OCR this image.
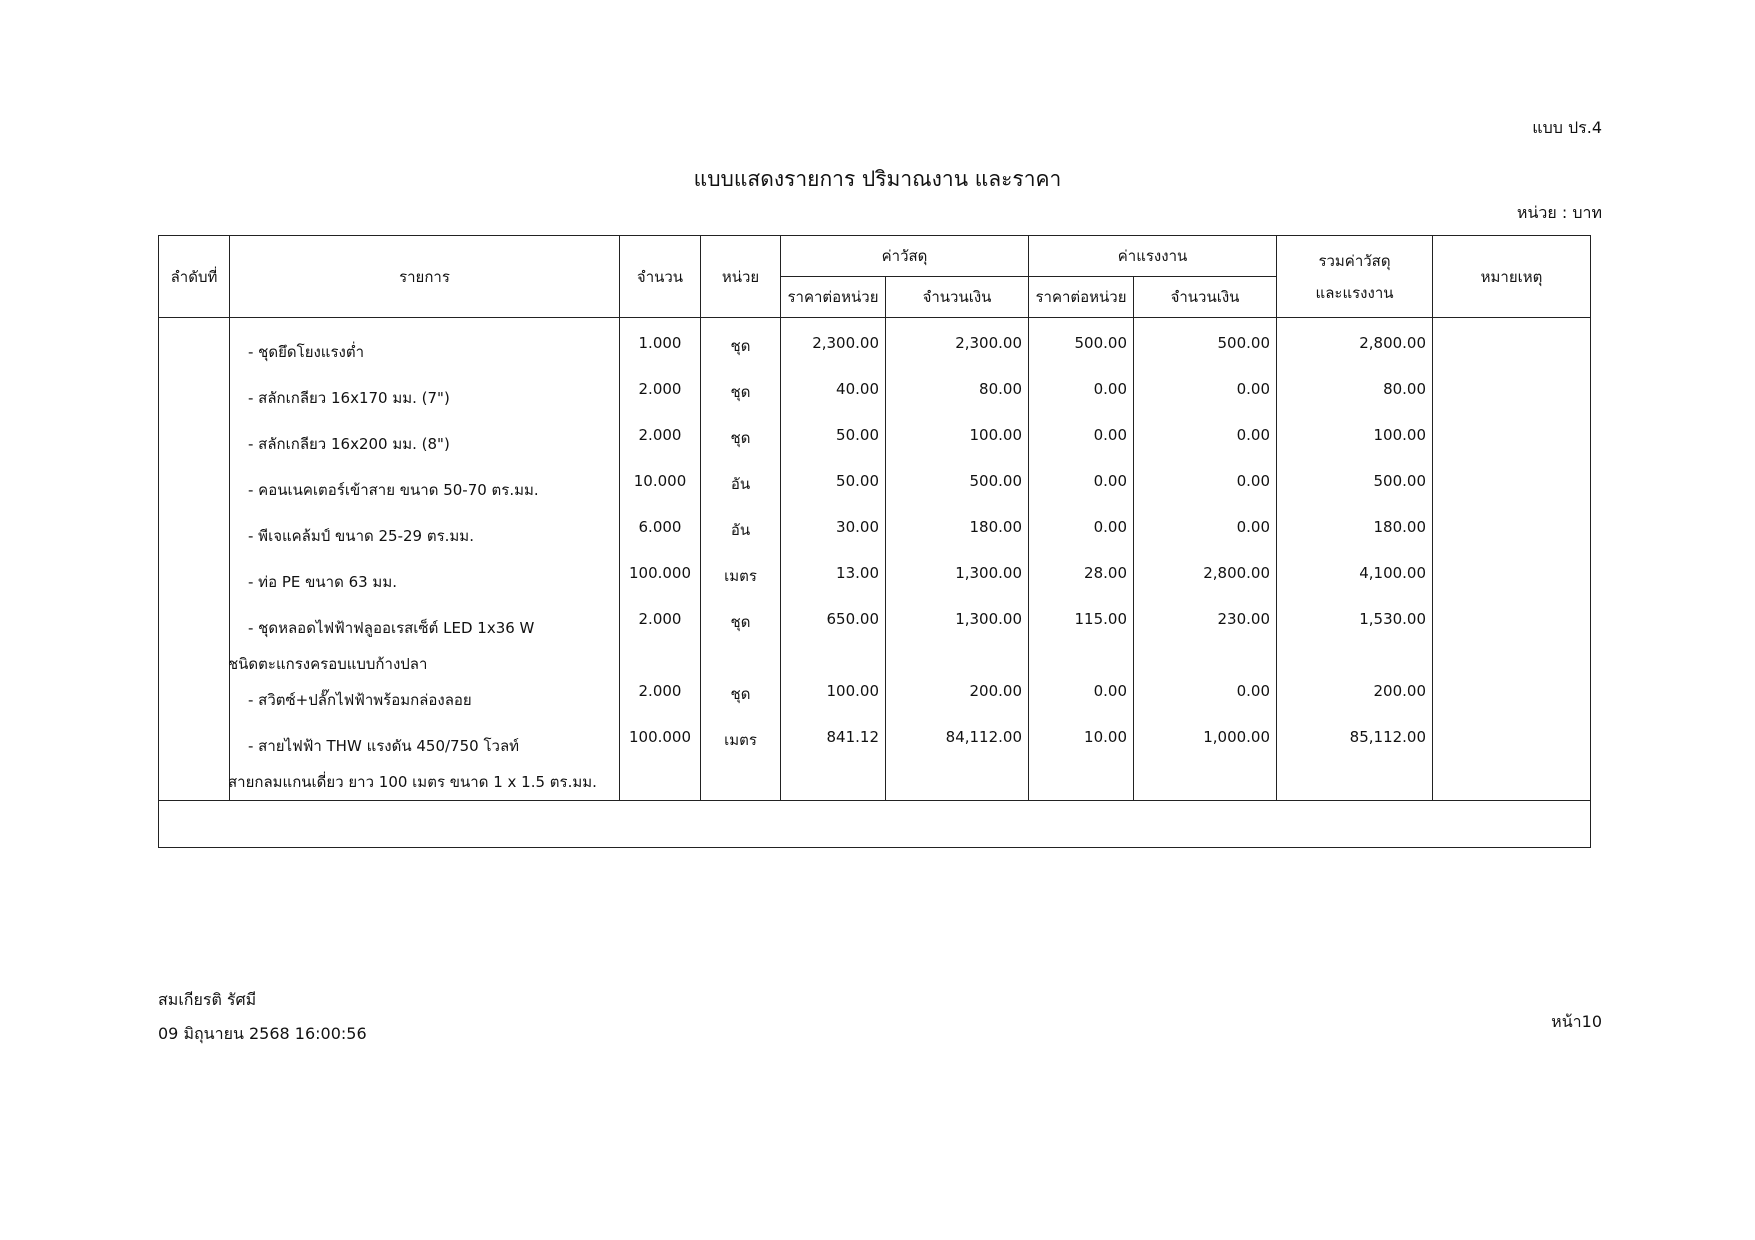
แบบ ปร.4
แบบแสดงรายการ ปริมาณงาน และราคา
หน่วย : บาท
ลำดับที่	รายการ	จำนวน	หน่วย	ค่าวัสดุ		ค่าแรงงาน		รวมค่าวัสดุ
และแรงงาน	หมายเหตุ
				ราคาต่อหน่วย	จำนวนเงิน	ราคาต่อหน่วย	จำนวนเงิน		
	- ชุดยึดโยงแรงต่ำ	1.000	ชุด	2,300.00	2,300.00	500.00	500.00	2,800.00	
	- สลักเกลียว 16x170 มม. (7")	2.000	ชุด	40.00	80.00	0.00	0.00	80.00	
	- สลักเกลียว 16x200 มม. (8")	2.000	ชุด	50.00	100.00	0.00	0.00	100.00	
	- คอนเนคเตอร์เข้าสาย ขนาด 50-70 ตร.มม.	10.000	อัน	50.00	500.00	0.00	0.00	500.00	
	- พีเจแคล้มป์ ขนาด 25-29 ตร.มม.	6.000	อัน	30.00	180.00	0.00	0.00	180.00	
	- ท่อ PE ขนาด 63 มม.	100.000	เมตร	13.00	1,300.00	28.00	2,800.00	4,100.00	
	- ชุดหลอดไฟฟ้าฟลูออเรสเซ็ต์ LED 1x36 W
ชนิดตะแกรงครอบแบบก้างปลา	2.000	ชุด	650.00	1,300.00	115.00	230.00	1,530.00	
	- สวิตซ์+ปลั๊กไฟฟ้าพร้อมกล่องลอย	2.000	ชุด	100.00	200.00	0.00	0.00	200.00	
	- สายไฟฟ้า THW แรงดัน 450/750 โวลท์
สายกลมแกนเดี่ยว ยาว 100 เมตร ขนาด 1 x 1.5 ตร.มม.	100.000	เมตร	841.12	84,112.00	10.00	1,000.00	85,112.00	

สมเกียรติ รัศมี
09 มิถุนายน 2568 16:00:56
หน้า10
